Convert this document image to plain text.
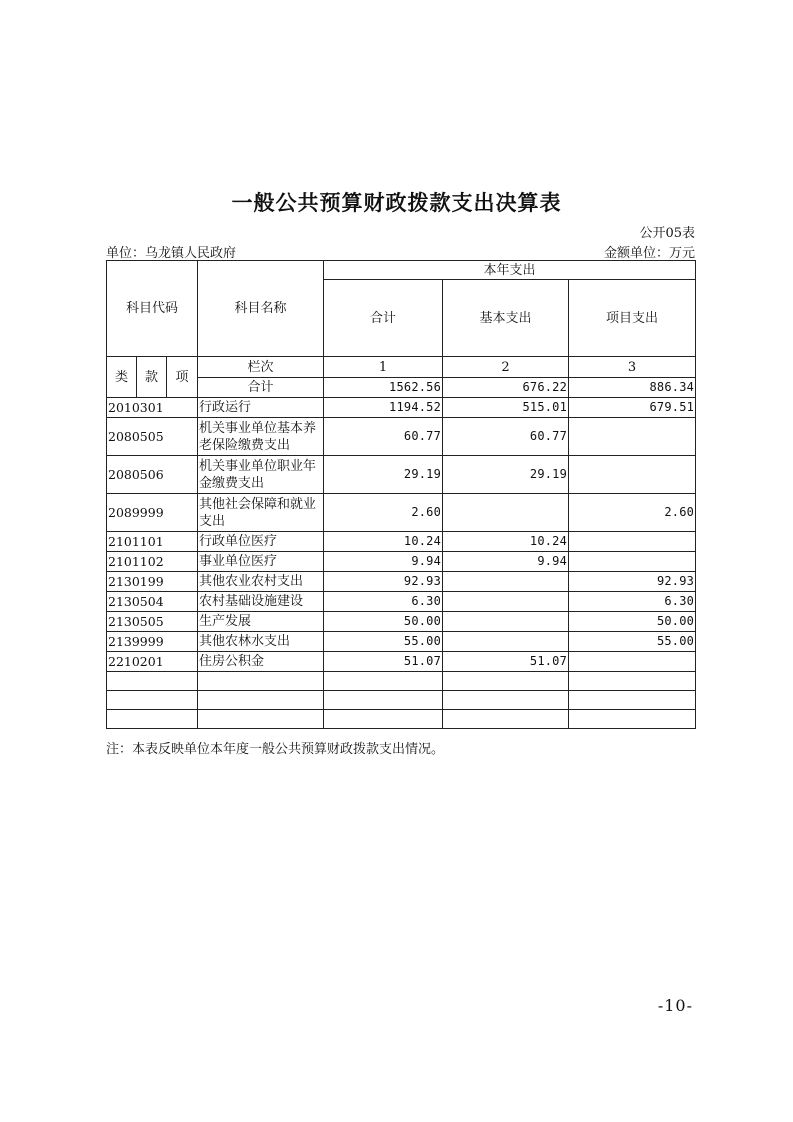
一般公共预算财政拨款支出决算表
公开05表
单位：乌龙镇人民政府	金额单位：万元
科目代码			科目名称	本年支出		
				合计	基本支出	项目支出
类	款	项	栏次	1	2	3
			合计	1562.56	676.22	886.34
2010301			行政运行	1194.52	515.01	679.51
2080505			机关事业单位基本养老保险缴费支出	60.77	60.77	
2080506			机关事业单位职业年金缴费支出	29.19	29.19	
2089999			其他社会保障和就业支出	2.60		2.60
2101101			行政单位医疗	10.24	10.24	
2101102			事业单位医疗	9.94	9.94	
2130199			其他农业农村支出	92.93		92.93
2130504			农村基础设施建设	6.30		6.30
2130505			生产发展	50.00		50.00
2139999			其他农林水支出	55.00		55.00
2210201			住房公积金	51.07	51.07	

注：本表反映单位本年度一般公共预算财政拨款支出情况。
-10-
